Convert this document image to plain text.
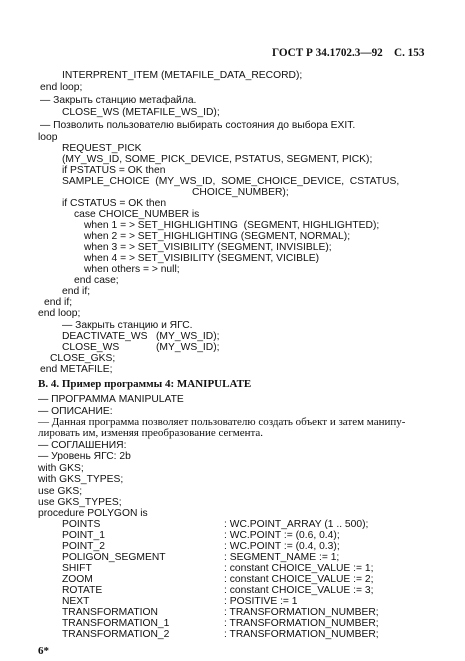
ГОСТ Р 34.1702.3—92 С. 153
INTERPRENT_ITEM (METAFILE_DATA_RECORD);
end loop;
— Закрыть станцию метафайла.
CLOSE_WS (METAFILE_WS_ID);
— Позволить пользователю выбирать состояния до выбора EXIT.
loop
REQUEST_PICK
(MY_WS_ID, SOME_PICK_DEVICE, PSTATUS, SEGMENT, PICK);
if PSTATUS = OK then
SAMPLE_CHOICE  (MY_WS_ID,  SOME_CHOICE_DEVICE,  CSTATUS,
CHOICE_NUMBER);
if CSTATUS = OK then
case CHOICE_NUMBER is
when 1 = > SET_HIGHLIGHTING  (SEGMENT, HIGHLIGHTED);
when 2 = > SET_HIGHLIGHTING (SEGMENT, NORMAL);
when 3 = > SET_VISIBILITY (SEGMENT, INVISIBLE);
when 4 = > SET_VISIBILITY (SEGMENT, VICIBLE)
when others = > null;
end case;
end if;
end if;
end loop;
— Закрыть станцию и ЯГС.
DEACTIVATE_WS (MY_WS_ID);
CLOSE_WS	(MY_WS_ID);
CLOSE_GKS;
end METAFILE;
В. 4. Пример программы 4: MANIPULATE
— ПРОГРАММА MANIPULATE
— ОПИСАНИЕ:
— Данная программа позволяет пользователю создать объект и затем манипу-
лировать им, изменяя преобразование сегмента.
— СОГЛАШЕНИЯ:
— Уровень ЯГС: 2b
with GKS;
with GKS_TYPES;
use GKS;
use GKS_TYPES;
procedure POLYGON is
POINTS	: WC.POINT_ARRAY (1 .. 500);
POINT_1	: WC.POINT := (0.6, 0.4);
POINT_2	: WC.POINT := (0.4, 0.3);
POLIGON_SEGMENT	: SEGMENT_NAME := 1;
SHIFT	: constant CHOICE_VALUE := 1;
ZOOM	: constant CHOICE_VALUE := 2;
ROTATE	: constant CHOICE_VALUE := 3;
NEXT	: POSITIVE := 1
TRANSFORMATION	: TRANSFORMATION_NUMBER;
TRANSFORMATION_1	: TRANSFORMATION_NUMBER;
TRANSFORMATION_2	: TRANSFORMATION_NUMBER;
6*
